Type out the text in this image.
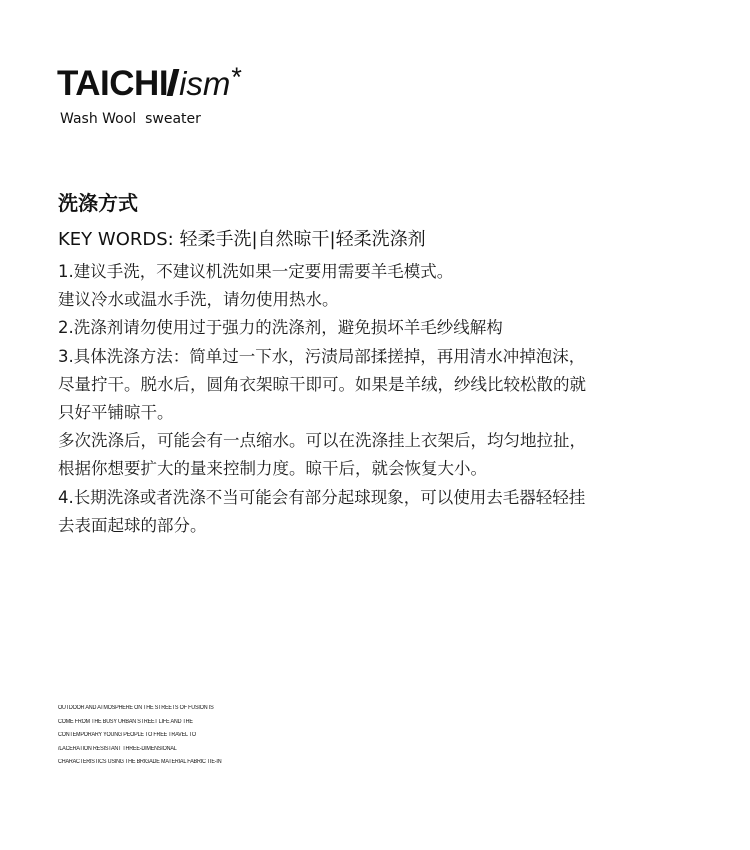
TAICHI ism*
Wash Wool  sweater
洗涤方式
KEY WORDS: 轻柔手洗|自然晾干|轻柔洗涤剂

1.建议手洗，不建议机洗如果一定要用需要羊毛模式。

建议冷水或温水手洗，请勿使用热水。

2.洗涤剂请勿使用过于强力的洗涤剂，避免损坏羊毛纱线解构

3.具体洗涤方法：简单过一下水，污渍局部揉搓掉，再用清水冲掉泡沫，

尽量拧干。脱水后，圆角衣架晾干即可。如果是羊绒，纱线比较松散的就

只好平铺晾干。

多次洗涤后，可能会有一点缩水。可以在洗涤挂上衣架后，均匀地拉扯，

根据你想要扩大的量来控制力度。晾干后，就会恢复大小。

4.长期洗涤或者洗涤不当可能会有部分起球现象，可以使用去毛器轻轻挂

去表面起球的部分。

OUTDOOR AND ATMOSPHERE ON THE STREETS OF FUSION IS

COME FROM THE BUSY URBAN STREET LIFE AND THE

CONTEMPORARY YOUNG PEOPLE TO FREE TRAVEL TO

/LACERATION RESISTANT THREE-DIMENSIONAL

CHARACTERISTICS USING THE BRIGADE MATERIAL FABRIC TIE-IN
